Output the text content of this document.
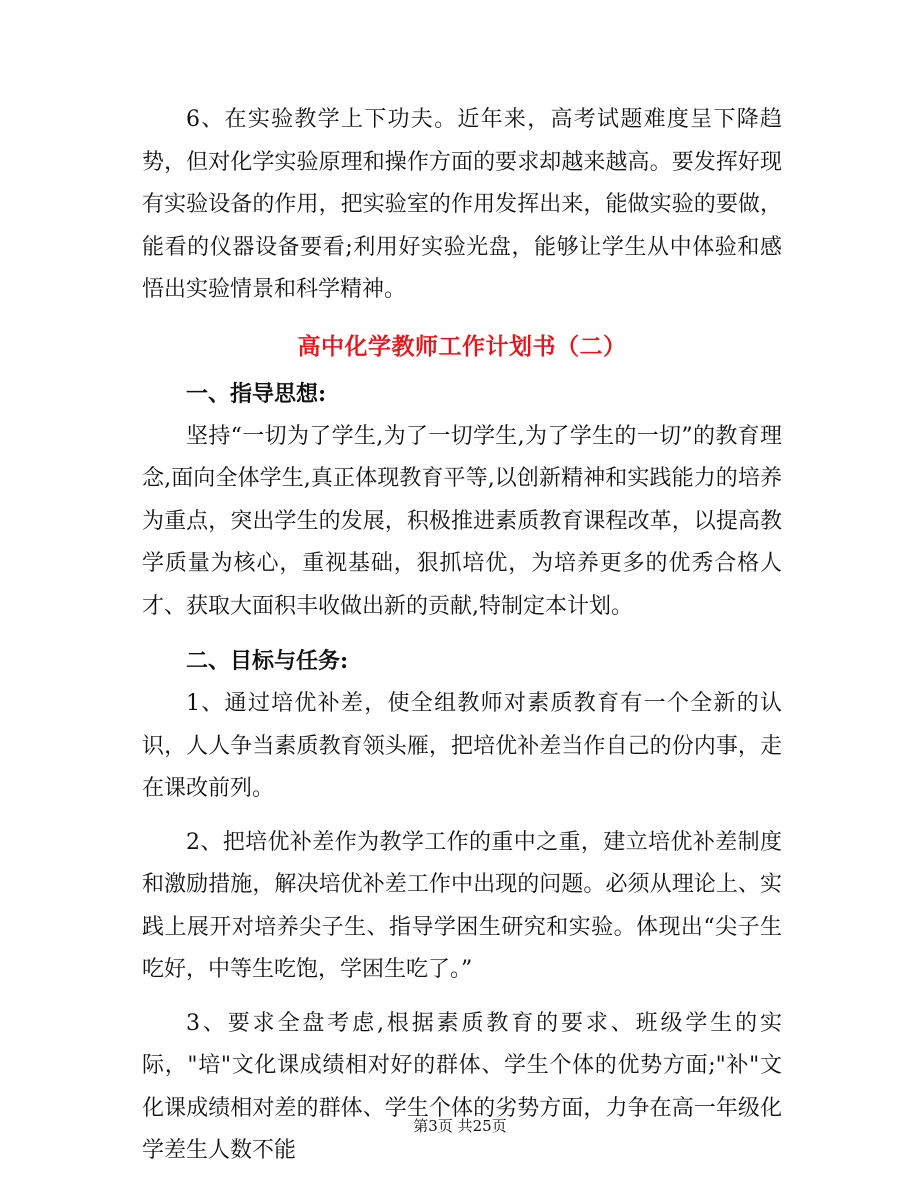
6、在实验教学上下功夫。近年来，高考试题难度呈下降趋势，但对化学实验原理和操作方面的要求却越来越高。要发挥好现有实验设备的作用，把实验室的作用发挥出来，能做实验的要做，能看的仪器设备要看;利用好实验光盘，能够让学生从中体验和感悟出实验情景和科学精神。

高中化学教师工作计划书（二）

一、指导思想:

坚持“一切为了学生,为了一切学生,为了学生的一切”的教育理念,面向全体学生,真正体现教育平等,以创新精神和实践能力的培养为重点，突出学生的发展，积极推进素质教育课程改革，以提高教学质量为核心，重视基础，狠抓培优，为培养更多的优秀合格人才、获取大面积丰收做出新的贡献,特制定本计划。

二、目标与任务:

1、通过培优补差，使全组教师对素质教育有一个全新的认识，人人争当素质教育领头雁，把培优补差当作自己的份内事，走在课改前列。

2、把培优补差作为教学工作的重中之重，建立培优补差制度和激励措施，解决培优补差工作中出现的问题。必须从理论上、实践上展开对培养尖子生、指导学困生研究和实验。体现出“尖子生吃好，中等生吃饱，学困生吃了。”

3、要求全盘考虑,根据素质教育的要求、班级学生的实际，"培"文化课成绩相对好的群体、学生个体的优势方面;"补"文化课成绩相对差的群体、学生个体的劣势方面，力争在高一年级化学差生人数不能

第3页 共25页
